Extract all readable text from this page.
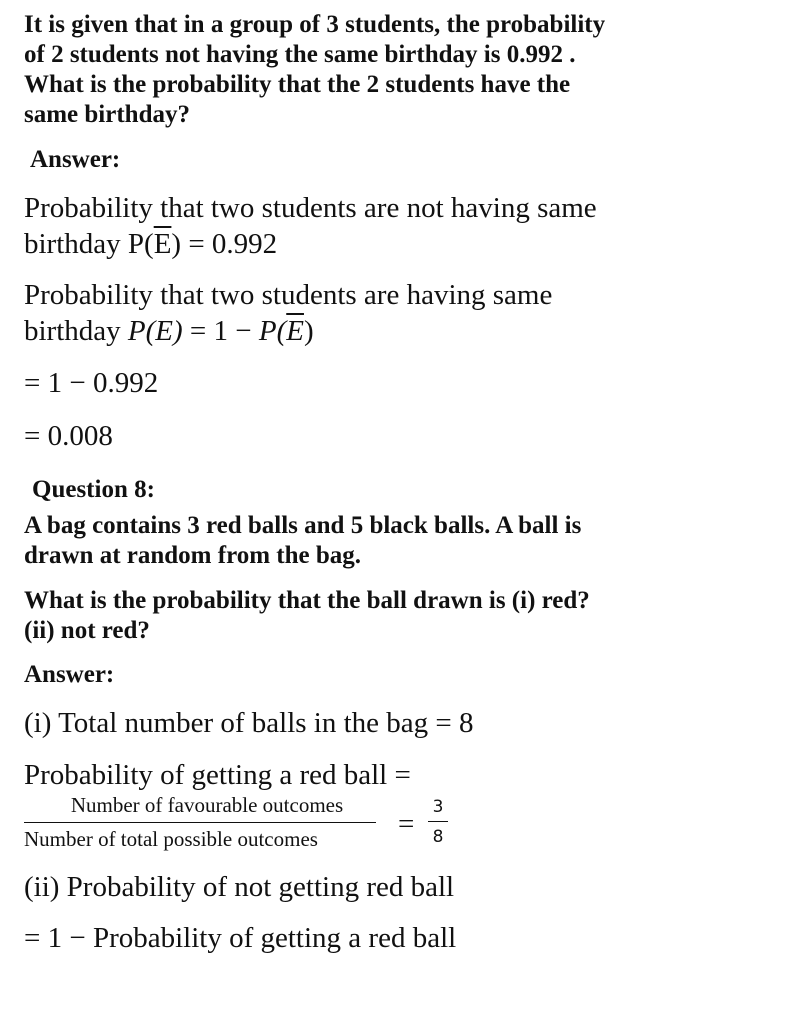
It is given that in a group of 3 students, the probability
of 2 students not having the same birthday is 0.992 .
What is the probability that the 2 students have the
same birthday?
Answer:
Probability that two students are not having same
birthday $P(\overline{E}) = 0.992$
Probability that two students are having same
birthday $P(E) = 1 - P(\overline{E})$
= 1 − 0.992
= 0.008
Question 8:
A bag contains 3 red balls and 5 black balls. A ball is
drawn at random from the bag.
What is the probability that the ball drawn is (i) red?
(ii) not red?
Answer:
(i) Total number of balls in the bag = 8
Probability of getting a red ball =
Number of favourable outcomes
Number of total possible outcomes	=
3
8
(ii) Probability of not getting red ball
= 1 − Probability of getting a red ball
